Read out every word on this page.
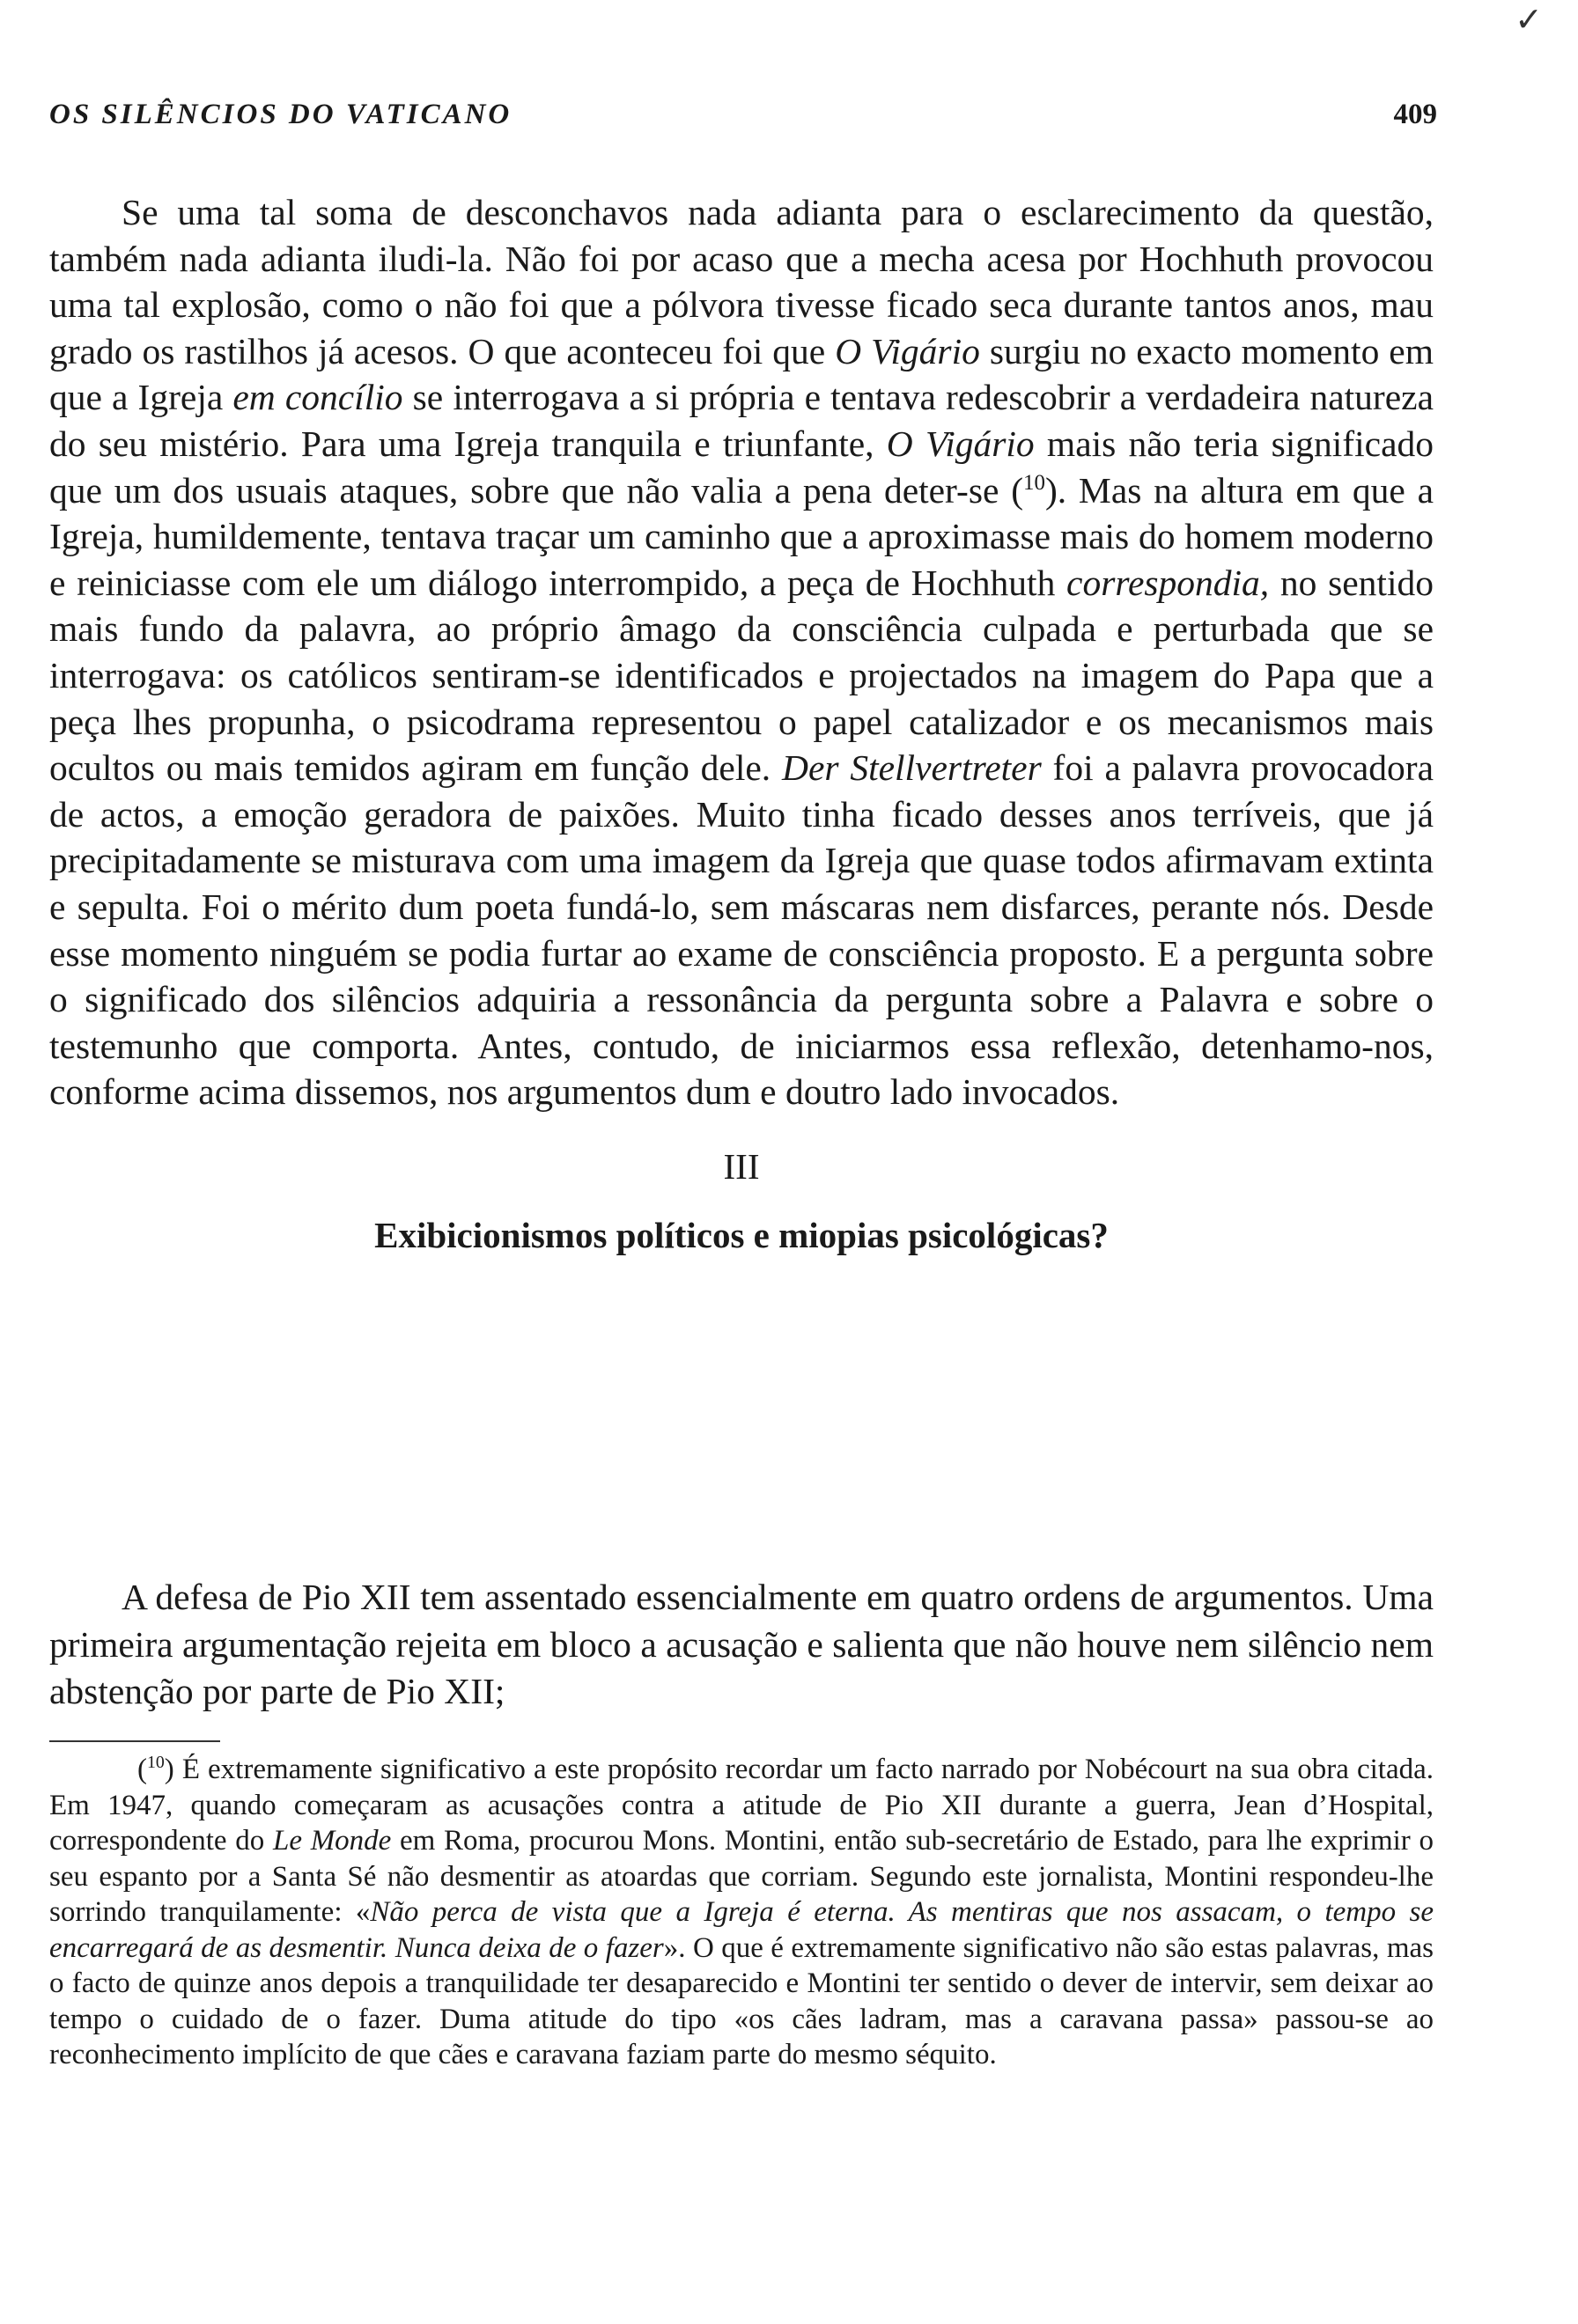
✓
OS SILÊNCIOS DO VATICANO	409

Se uma tal soma de desconchavos nada adianta para o esclarecimento da questão, também nada adianta iludi-la. Não foi por acaso que a mecha acesa por Hochhuth provocou uma tal explosão, como o não foi que a pólvora tivesse ficado seca durante tantos anos, mau grado os rastilhos já acesos. O que aconteceu foi que O Vigário surgiu no exacto momento em que a Igreja em concílio se interrogava a si própria e tentava redescobrir a verdadeira natureza do seu mistério. Para uma Igreja tranquila e triunfante, O Vigário mais não teria significado que um dos usuais ataques, sobre que não valia a pena deter-se ($^{10}$). Mas na altura em que a Igreja, humildemente, tentava traçar um caminho que a aproximasse mais do homem moderno e reiniciasse com ele um diálogo interrompido, a peça de Hochhuth correspondia, no sentido mais fundo da palavra, ao próprio âmago da consciência culpada e perturbada que se interrogava: os católicos sentiram-se identificados e projectados na imagem do Papa que a peça lhes propunha, o psicodrama representou o papel catalizador e os mecanismos mais ocultos ou mais temidos agiram em função dele. Der Stellvertreter foi a palavra provocadora de actos, a emoção geradora de paixões. Muito tinha ficado desses anos terríveis, que já precipitadamente se misturava com uma imagem da Igreja que quase todos afirmavam extinta e sepulta. Foi o mérito dum poeta fundá-lo, sem máscaras nem disfarces, perante nós. Desde esse momento ninguém se podia furtar ao exame de consciência proposto. E a pergunta sobre o significado dos silêncios adquiria a ressonância da pergunta sobre a Palavra e sobre o testemunho que comporta. Antes, contudo, de iniciarmos essa reflexão, detenhamo-nos, conforme acima dissemos, nos argumentos dum e doutro lado invocados.

III
Exibicionismos políticos e miopias psicológicas?

A defesa de Pio XII tem assentado essencialmente em quatro ordens de argumentos. Uma primeira argumentação rejeita em bloco a acusação e salienta que não houve nem silêncio nem abstenção por parte de Pio XII;

($^{10}$) É extremamente significativo a este propósito recordar um facto narrado por Nobécourt na sua obra citada. Em 1947, quando começaram as acusações contra a atitude de Pio XII durante a guerra, Jean d’Hospital, correspondente do Le Monde em Roma, procurou Mons. Montini, então sub-secretário de Estado, para lhe exprimir o seu espanto por a Santa Sé não desmentir as atoardas que corriam. Segundo este jornalista, Montini respondeu-lhe sorrindo tranquilamente: «Não perca de vista que a Igreja é eterna. As mentiras que nos assacam, o tempo se encarregará de as desmentir. Nunca deixa de o fazer». O que é extremamente significativo não são estas palavras, mas o facto de quinze anos depois a tranquilidade ter desaparecido e Montini ter sentido o dever de intervir, sem deixar ao tempo o cuidado de o fazer. Duma atitude do tipo «os cães ladram, mas a caravana passa» passou-se ao reconhecimento implícito de que cães e caravana faziam parte do mesmo séquito.
